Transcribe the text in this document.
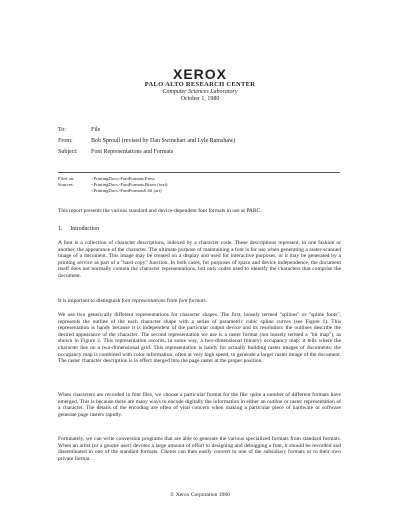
XEROX
PALO ALTO RESEARCH CENTER
Computer Sciences Laboratory
October 1, 1980
To:	File
From:	Bob Sproull (revised by Dan Swinehart and Lyle Ramshaw)
Subject:	Font Representations and Formats
Filed on:	<PrintingDocs>FontFormats.Press
Sources:	<PrintingDocs>FontFormats.Bravo (text)
<PrintingDocs>FontFormats0.Sil (art)

This report presents the various standard and device-dependent font formats in use at PARC.

1. Introduction

A font is a collection of character descriptions, indexed by a character code. These descriptions represent, in one fashion or another, the appearance of the character. The ultimate purpose of maintaining a font is for use when generating a raster-scanned image of a document. This image may be created on a display and used for interactive purposes, or it may be generated by a printing service as part of a "hard copy" function. In both cases, for purposes of space and device independence, the document itself does not normally contain the character representations, but only codes used to identify the characters that comprise the document.

It is important to distinguish font representations from font formats.

We use two generically different representations for character shapes. The first, loosely termed "splines" or "spline fonts", represents the outline of the each character shape with a series of parametric cubic spline curves (see Figure 1). This representation is handy because it is independent of the particular output device and its resolution: the outlines describe the desired appearance of the character. The second representation we use is a raster format (not loosely termed a "bit map"), as shown in Figure 2. This representation records, in some way, a two-dimensional (binary) occupancy map: it tells where the character lies on a two-dimensional grid. This representation is handy for actually building raster images of documents: the occupancy map is combined with color information, often at very high speed, to generate a larger raster image of the document. The raster character description is in effect merged into the page raster at the proper position.

When characters are recorded in font files, we choose a particular format for the file: quite a number of different formats have emerged. This is because there are many ways to encode digitally the information in either an outline or raster representation of a character. The details of the encoding are often of vital concern when making a particular piece of hardware or software generate page rasters rapidly.

Fortunately, we can write conversion programs that are able to generate the various specialized formats from standard formats. When an artist (or a gnome user) devotes a large amount of effort to designing and debugging a font, it should be recorded and disseminated in one of the standard formats. Clients can then easily convert to one of the subsidiary formats or to their own private format.

© Xerox Corporation 1980
